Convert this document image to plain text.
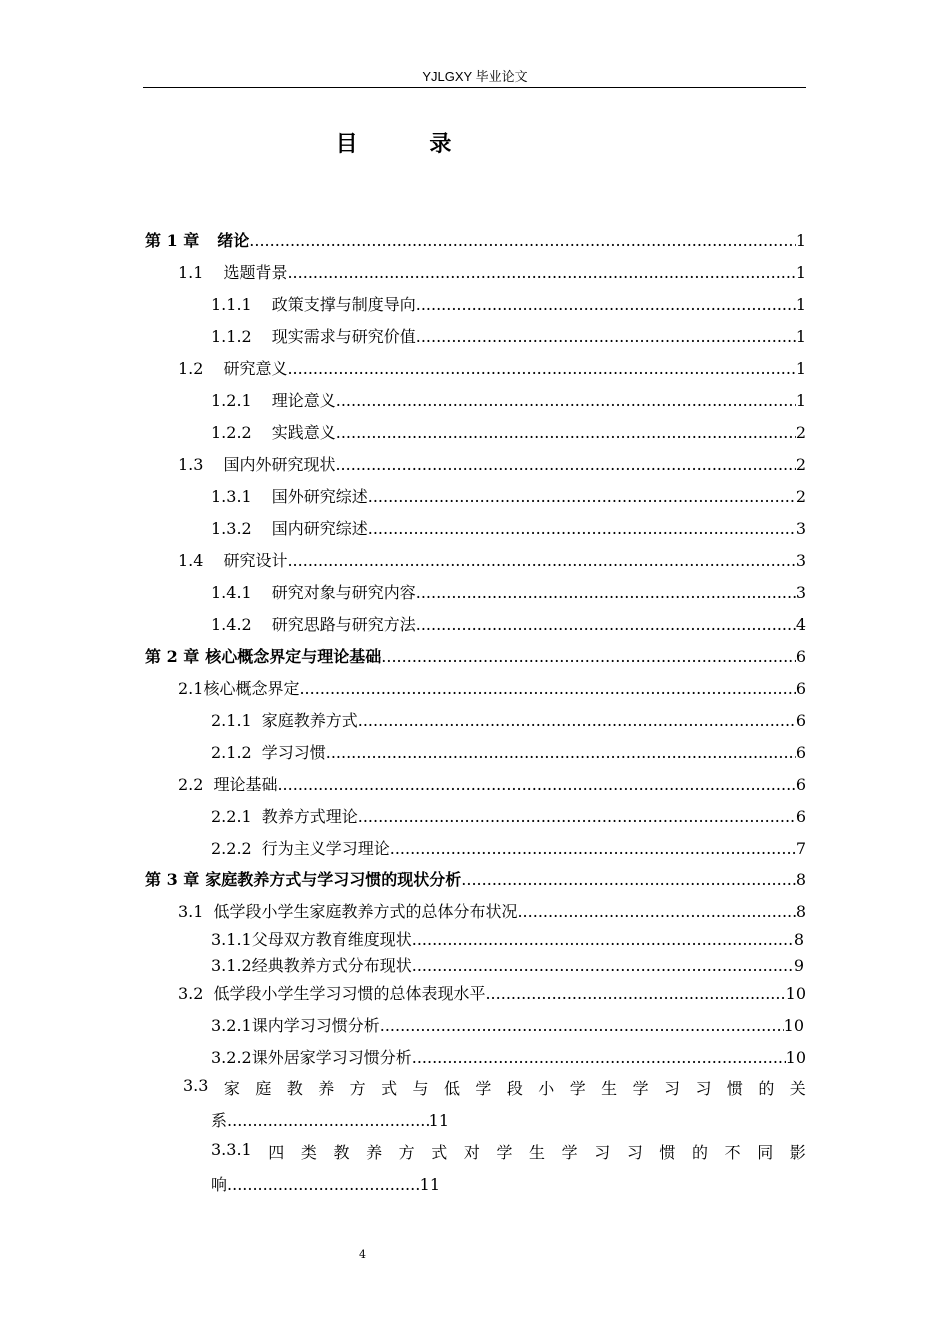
YJLGXY 毕业论文
目 录
第 1 章 绪论 .....	1
1.1 选题背景 .....	1
1.1.1 政策支撑与制度导向 .....	1
1.1.2 现实需求与研究价值 .....	1
1.2 研究意义 .....	1
1.2.1 理论意义 .....	1
1.2.2 实践意义 .....	2
1.3 国内外研究现状 .....	2
1.3.1 国外研究综述 .....	2
1.3.2 国内研究综述 .....	3
1.4 研究设计 .....	3
1.4.1 研究对象与研究内容 .....	3
1.4.2 研究思路与研究方法 .....	4
第 2 章 核心概念界定与理论基础 .....	6
2.1 核心概念界定 .....	6
2.1.1 家庭教养方式 .....	6
2.1.2 学习习惯 .....	6
2.2 理论基础 .....	6
2.2.1 教养方式理论 .....	6
2.2.2 行为主义学习理论 .....	7
第 3 章 家庭教养方式与学习习惯的现状分析 .....	8
3.1 低学段小学生家庭教养方式的总体分布状况 .....	8
3.1.1 父母双方教育维度现状 .....	8
3.1.2 经典教养方式分布现状 .....	9
3.2 低学段小学生学习习惯的总体表现水平 .....	10
3.2.1 课内学习习惯分析 .....	10
3.2.2 课外居家学习习惯分析 .....	10
3.3 家 庭 教 养 方 式 与 低 学 段 小 学 生 学 习 习 惯 的 关
系 .....	11
3.3.1 四 类 教 养 方 式 对 学 生 学 习 习 惯 的 不 同 影
响 .....	11
4
